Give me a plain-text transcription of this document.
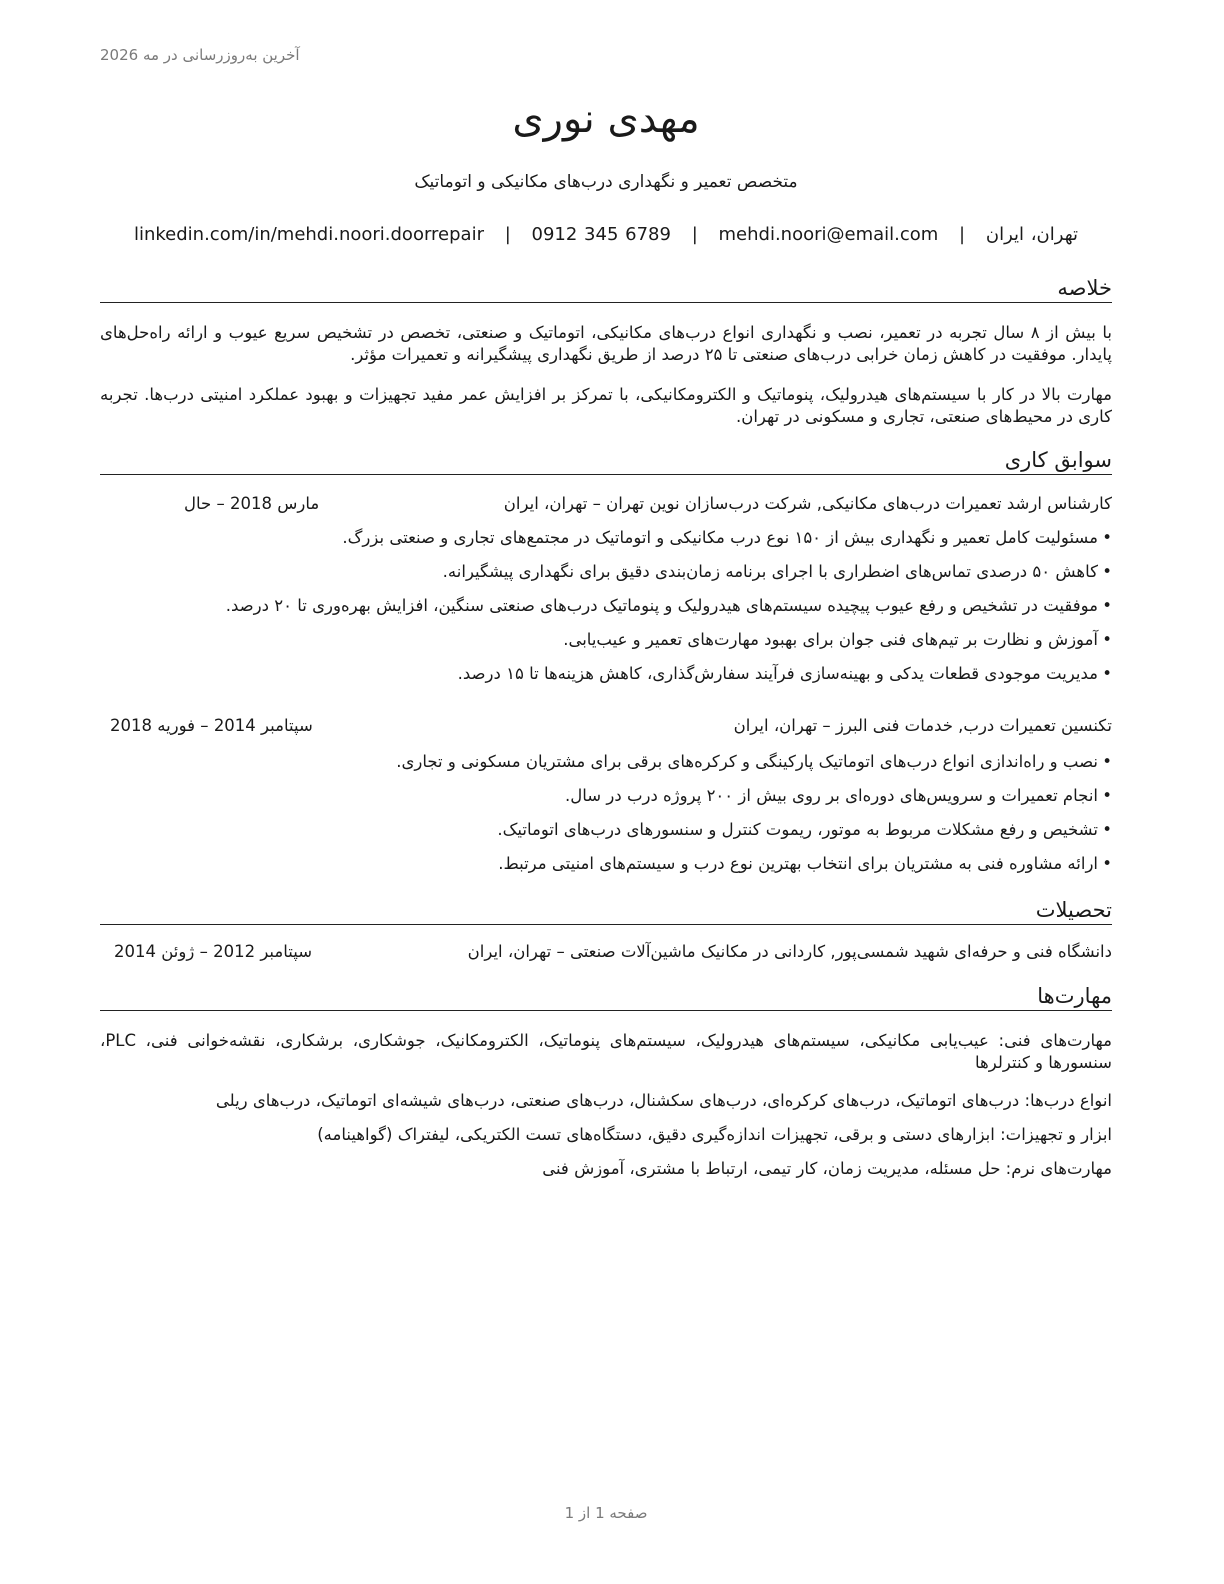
آخرین به‌روزرسانی در مه 2026
مهدی نوری
متخصص تعمیر و نگهداری درب‌های مکانیکی و اتوماتیک
تهران، ایران | mehdi.noori@email.com | 0912 345 6789 | linkedin.com/in/mehdi.noori.doorrepair
خلاصه
با بیش از ۸ سال تجربه در تعمیر، نصب و نگهداری انواع درب‌های مکانیکی، اتوماتیک و صنعتی، تخصص در تشخیص سریع عیوب و ارائه راه‌حل‌های پایدار. موفقیت در کاهش زمان خرابی درب‌های صنعتی تا ۲۵ درصد از طریق نگهداری پیشگیرانه و تعمیرات مؤثر.
مهارت بالا در کار با سیستم‌های هیدرولیک، پنوماتیک و الکترومکانیکی، با تمرکز بر افزایش عمر مفید تجهیزات و بهبود عملکرد امنیتی درب‌ها. تجربه کاری در محیط‌های صنعتی، تجاری و مسکونی در تهران.
سوابق کاری
کارشناس ارشد تعمیرات درب‌های مکانیکی, شرکت درب‌سازان نوین تهران – تهران، ایران
مارس 2018 – حال
• مسئولیت کامل تعمیر و نگهداری بیش از ۱۵۰ نوع درب مکانیکی و اتوماتیک در مجتمع‌های تجاری و صنعتی بزرگ.
• کاهش ۵۰ درصدی تماس‌های اضطراری با اجرای برنامه زمان‌بندی دقیق برای نگهداری پیشگیرانه.
• موفقیت در تشخیص و رفع عیوب پیچیده سیستم‌های هیدرولیک و پنوماتیک درب‌های صنعتی سنگین، افزایش بهره‌وری تا ۲۰ درصد.
• آموزش و نظارت بر تیم‌های فنی جوان برای بهبود مهارت‌های تعمیر و عیب‌یابی.
• مدیریت موجودی قطعات یدکی و بهینه‌سازی فرآیند سفارش‌گذاری، کاهش هزینه‌ها تا ۱۵ درصد.
تکنسین تعمیرات درب, خدمات فنی البرز – تهران، ایران
سپتامبر 2014 – فوریه 2018
• نصب و راه‌اندازی انواع درب‌های اتوماتیک پارکینگی و کرکره‌های برقی برای مشتریان مسکونی و تجاری.
• انجام تعمیرات و سرویس‌های دوره‌ای بر روی بیش از ۲۰۰ پروژه درب در سال.
• تشخیص و رفع مشکلات مربوط به موتور، ریموت کنترل و سنسورهای درب‌های اتوماتیک.
• ارائه مشاوره فنی به مشتریان برای انتخاب بهترین نوع درب و سیستم‌های امنیتی مرتبط.
تحصیلات
دانشگاه فنی و حرفه‌ای شهید شمسی‌پور, کاردانی در مکانیک ماشین‌آلات صنعتی – تهران، ایران
سپتامبر 2012 – ژوئن 2014
مهارت‌ها
مهارت‌های فنی: عیب‌یابی مکانیکی، سیستم‌های هیدرولیک، سیستم‌های پنوماتیک، الکترومکانیک، جوشکاری، برشکاری، نقشه‌خوانی فنی، PLC، سنسورها و کنترلرها
انواع درب‌ها: درب‌های اتوماتیک، درب‌های کرکره‌ای، درب‌های سکشنال، درب‌های صنعتی، درب‌های شیشه‌ای اتوماتیک، درب‌های ریلی
ابزار و تجهیزات: ابزارهای دستی و برقی، تجهیزات اندازه‌گیری دقیق، دستگاه‌های تست الکتریکی، لیفتراک (گواهینامه)
مهارت‌های نرم: حل مسئله، مدیریت زمان، کار تیمی، ارتباط با مشتری، آموزش فنی
صفحه 1 از 1
